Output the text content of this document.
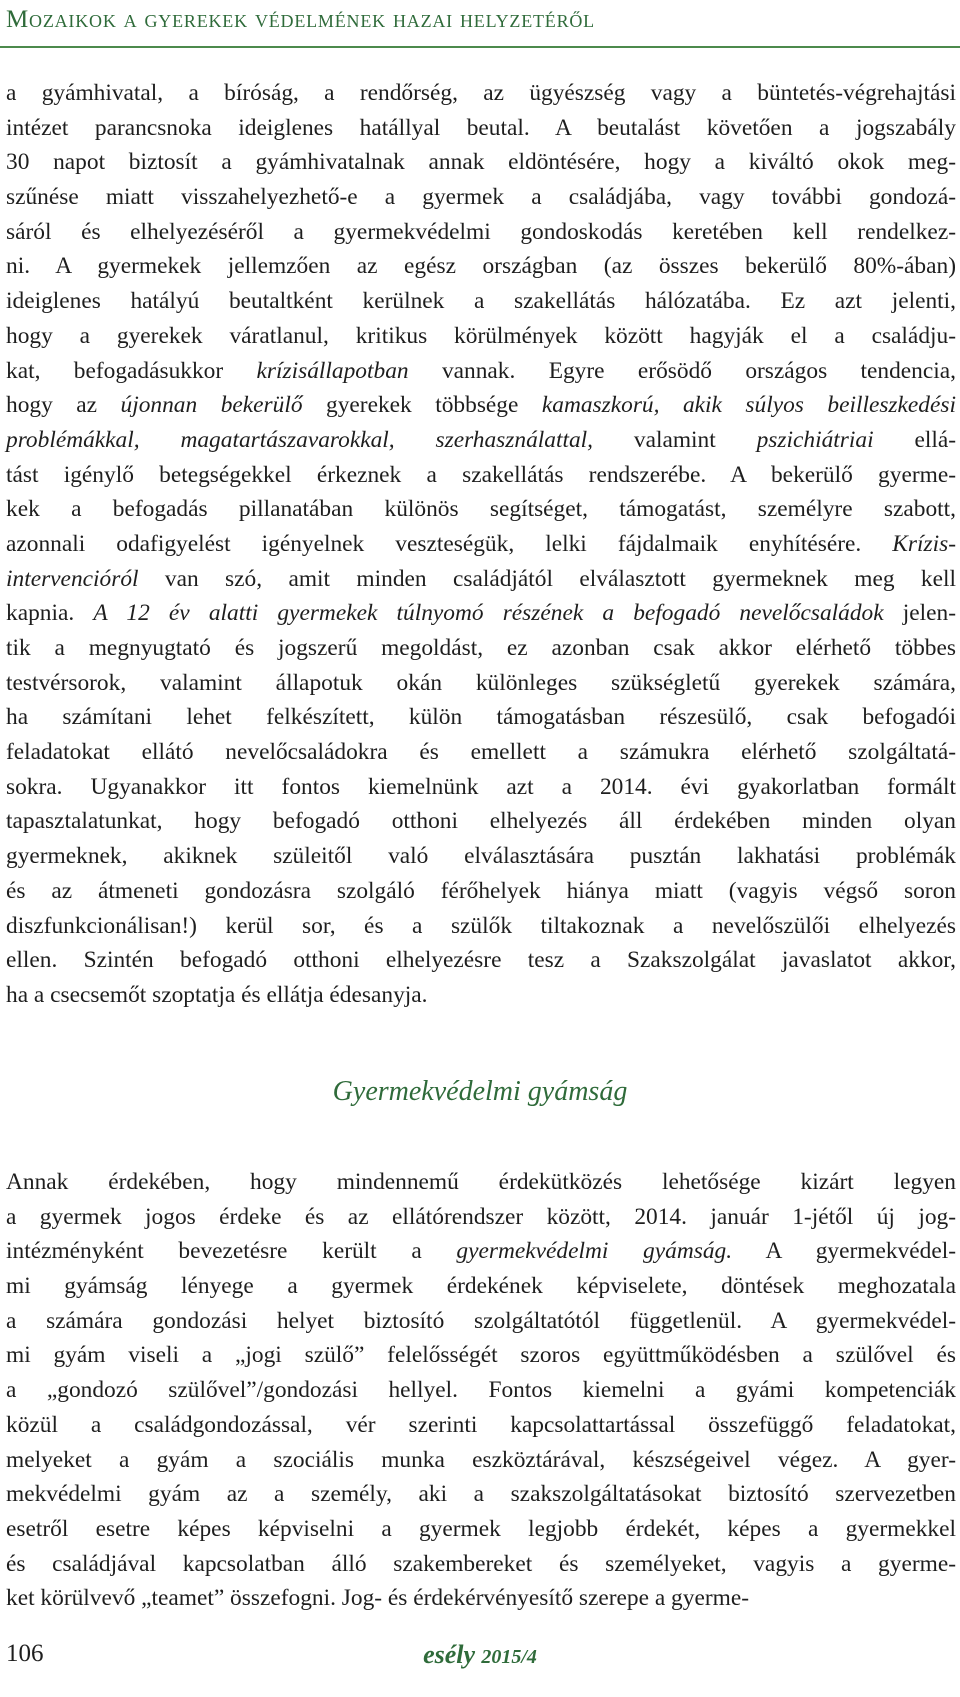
Mozaikok a gyerekek védelmének hazai helyzetéről
a gyámhivatal, a bíróság, a rendőrség, az ügyészség vagy a büntetés-végrehajtási
intézet parancsnoka ideiglenes hatállyal beutal. A beutalást követően a jogszabály
30 napot biztosít a gyámhivatalnak annak eldöntésére, hogy a kiváltó okok meg-
szűnése miatt visszahelyezhető-e a gyermek a családjába, vagy további gondozá-
sáról és elhelyezéséről a gyermekvédelmi gondoskodás keretében kell rendelkez-
ni. A gyermekek jellemzően az egész országban (az összes bekerülő 80%-ában)
ideiglenes hatályú beutaltként kerülnek a szakellátás hálózatába. Ez azt jelenti,
hogy a gyerekek váratlanul, kritikus körülmények között hagyják el a családju-
kat, befogadásukkor krízisállapotban vannak. Egyre erősödő országos tendencia,
hogy az újonnan bekerülő gyerekek többsége kamaszkorú, akik súlyos beilleszkedési
problémákkal, magatartászavarokkal, szerhasználattal, valamint pszichiátriai ellá-
tást igénylő betegségekkel érkeznek a szakellátás rendszerébe. A bekerülő gyerme-
kek a befogadás pillanatában különös segítséget, támogatást, személyre szabott,
azonnali odafigyelést igényelnek veszteségük, lelki fájdalmaik enyhítésére. Krízis-
intervencióról van szó, amit minden családjától elválasztott gyermeknek meg kell
kapnia. A 12 év alatti gyermekek túlnyomó részének a befogadó nevelőcsaládok jelen-
tik a megnyugtató és jogszerű megoldást, ez azonban csak akkor elérhető többes
testvérsorok, valamint állapotuk okán különleges szükségletű gyerekek számára,
ha számítani lehet felkészített, külön támogatásban részesülő, csak befogadói
feladatokat ellátó nevelőcsaládokra és emellett a számukra elérhető szolgáltatá-
sokra. Ugyanakkor itt fontos kiemelnünk azt a 2014. évi gyakorlatban formált
tapasztalatunkat, hogy befogadó otthoni elhelyezés áll érdekében minden olyan
gyermeknek, akiknek szüleitől való elválasztására pusztán lakhatási problémák
és az átmeneti gondozásra szolgáló férőhelyek hiánya miatt (vagyis végső soron
diszfunkcionálisan!) kerül sor, és a szülők tiltakoznak a nevelőszülői elhelyezés
ellen. Szintén befogadó otthoni elhelyezésre tesz a Szakszolgálat javaslatot akkor,
ha a csecsemőt szoptatja és ellátja édesanyja.
Gyermekvédelmi gyámság
Annak érdekében, hogy mindennemű érdekütközés lehetősége kizárt legyen
a gyermek jogos érdeke és az ellátórendszer között, 2014. január 1-jétől új jog-
intézményként bevezetésre került a gyermekvédelmi gyámság. A gyermekvédel-
mi gyámság lényege a gyermek érdekének képviselete, döntések meghozatala
a számára gondozási helyet biztosító szolgáltatótól függetlenül. A gyermekvédel-
mi gyám viseli a „jogi szülő” felelősségét szoros együttműködésben a szülővel és
a „gondozó szülővel”/gondozási hellyel. Fontos kiemelni a gyámi kompetenciák
közül a családgondozással, vér szerinti kapcsolattartással összefüggő feladatokat,
melyeket a gyám a szociális munka eszköztárával, készségeivel végez. A gyer-
mekvédelmi gyám az a személy, aki a szakszolgáltatásokat biztosító szervezetben
esetről esetre képes képviselni a gyermek legjobb érdekét, képes a gyermekkel
és családjával kapcsolatban álló szakembereket és személyeket, vagyis a gyerme-
ket körülvevő „teamet” összefogni. Jog- és érdekérvényesítő szerepe a gyerme-
106	esély 2015/4
